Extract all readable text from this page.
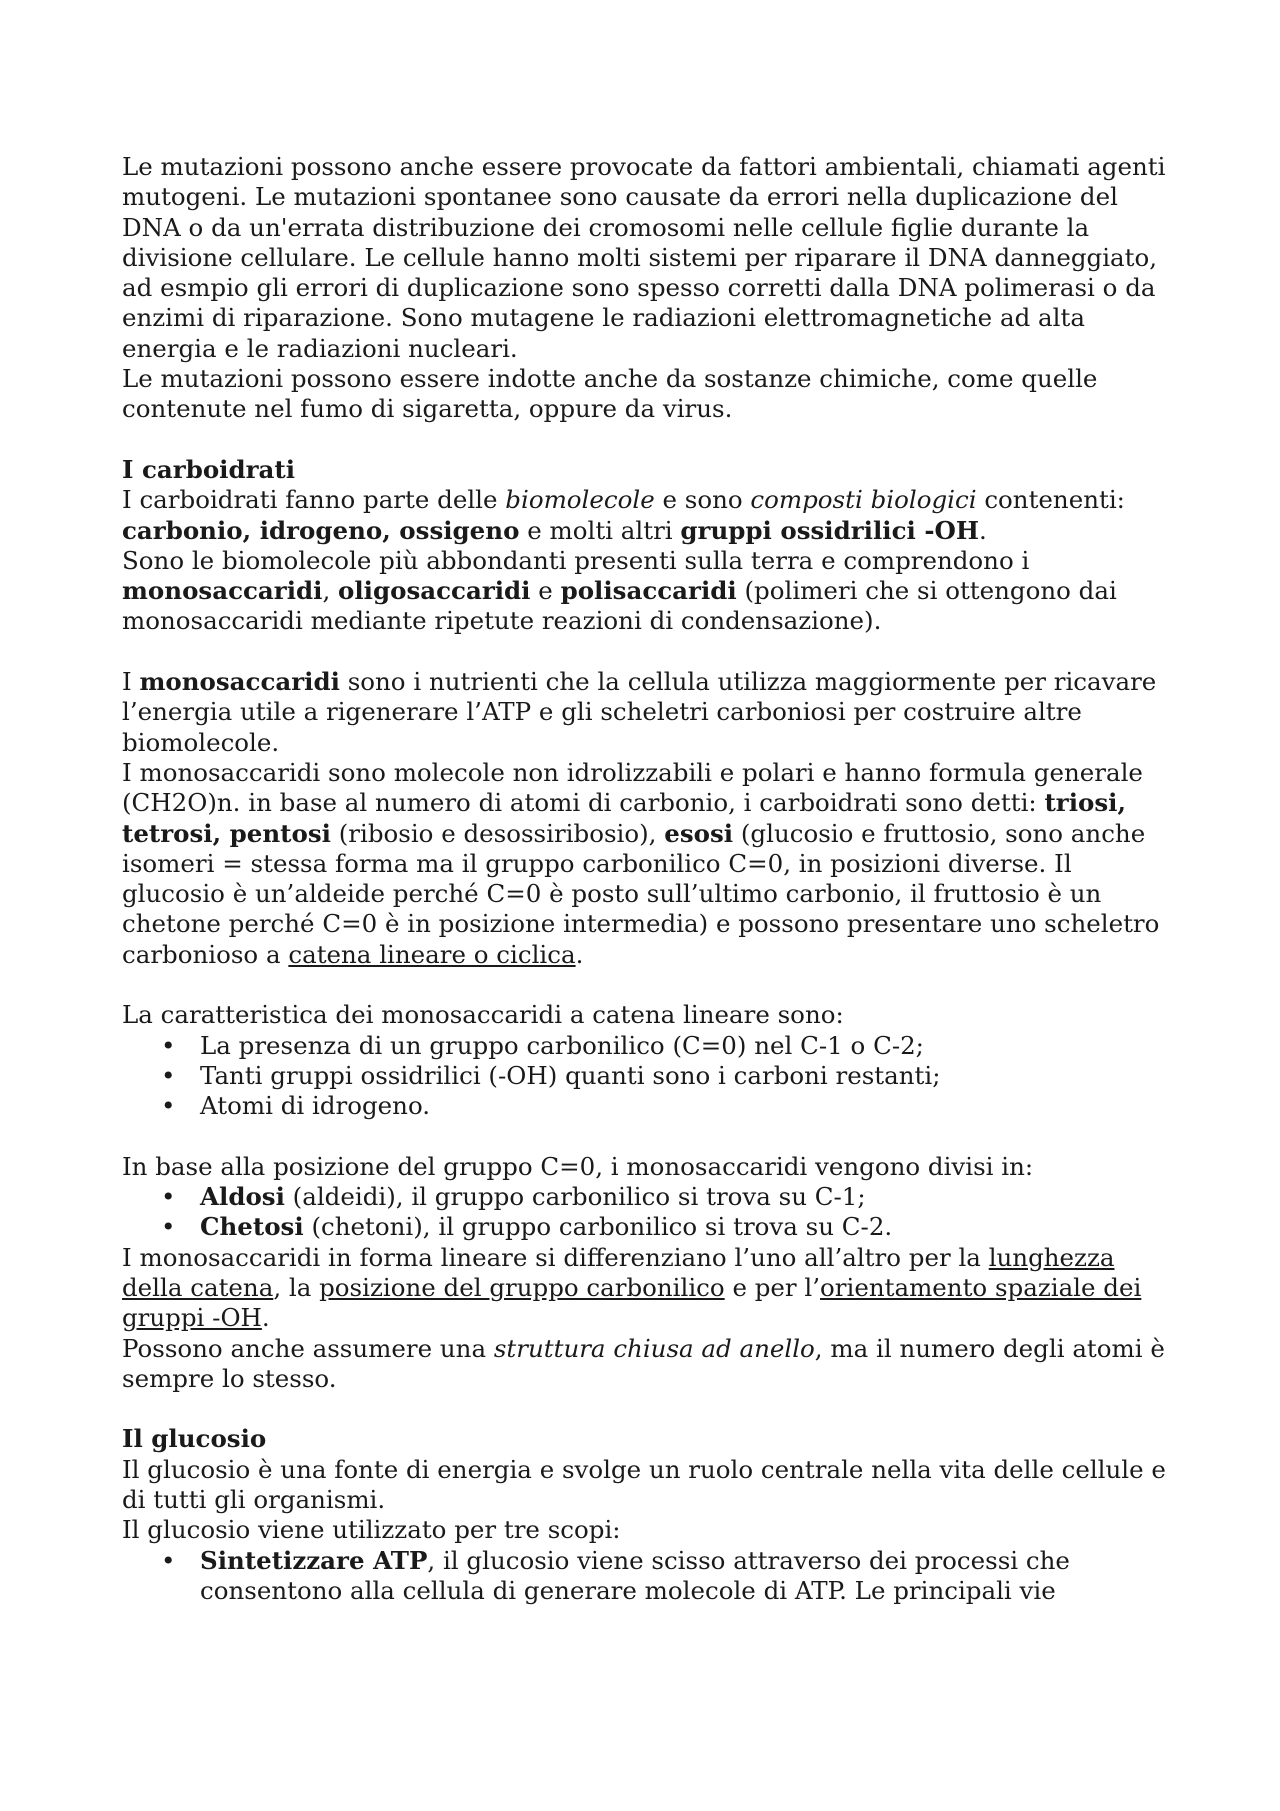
Le mutazioni possono anche essere provocate da fattori ambientali, chiamati agenti mutogeni. Le mutazioni spontanee sono causate da errori nella duplicazione del DNA o da un'errata distribuzione dei cromosomi nelle cellule figlie durante la divisione cellulare. Le cellule hanno molti sistemi per riparare il DNA danneggiato, ad esmpio gli errori di duplicazione sono spesso corretti dalla DNA polimerasi o da enzimi di riparazione. Sono mutagene le radiazioni elettromagnetiche ad alta energia e le radiazioni nucleari.

Le mutazioni possono essere indotte anche da sostanze chimiche, come quelle contenute nel fumo di sigaretta, oppure da virus.

I carboidrati

I carboidrati fanno parte delle biomolecole e sono composti biologici contenenti: carbonio, idrogeno, ossigeno e molti altri gruppi ossidrilici -OH.

Sono le biomolecole più abbondanti presenti sulla terra e comprendono i monosaccaridi, oligosaccaridi e polisaccaridi (polimeri che si ottengono dai monosaccaridi mediante ripetute reazioni di condensazione).

I monosaccaridi sono i nutrienti che la cellula utilizza maggiormente per ricavare l’energia utile a rigenerare l’ATP e gli scheletri carboniosi per costruire altre biomolecole.

I monosaccaridi sono molecole non idrolizzabili e polari e hanno formula generale (CH2O)n. in base al numero di atomi di carbonio, i carboidrati sono detti: triosi, tetrosi, pentosi (ribosio e desossiribosio), esosi (glucosio e fruttosio, sono anche isomeri = stessa forma ma il gruppo carbonilico C=0, in posizioni diverse. Il glucosio è un’aldeide perché C=0 è posto sull’ultimo carbonio, il fruttosio è un chetone perché C=0 è in posizione intermedia) e possono presentare uno scheletro carbonioso a catena lineare o ciclica.

La caratteristica dei monosaccaridi a catena lineare sono:

• La presenza di un gruppo carbonilico (C=0) nel C-1 o C-2;
• Tanti gruppi ossidrilici (-OH) quanti sono i carboni restanti;
• Atomi di idrogeno.

In base alla posizione del gruppo C=0, i monosaccaridi vengono divisi in:

• Aldosi (aldeidi), il gruppo carbonilico si trova su C-1;
• Chetosi (chetoni), il gruppo carbonilico si trova su C-2.

I monosaccaridi in forma lineare si differenziano l’uno all’altro per la lunghezza della catena, la posizione del gruppo carbonilico e per l’orientamento spaziale dei gruppi -OH.

Possono anche assumere una struttura chiusa ad anello, ma il numero degli atomi è sempre lo stesso.

Il glucosio

Il glucosio è una fonte di energia e svolge un ruolo centrale nella vita delle cellule e di tutti gli organismi.

Il glucosio viene utilizzato per tre scopi:

• Sintetizzare ATP, il glucosio viene scisso attraverso dei processi che consentono alla cellula di generare molecole di ATP. Le principali vie
